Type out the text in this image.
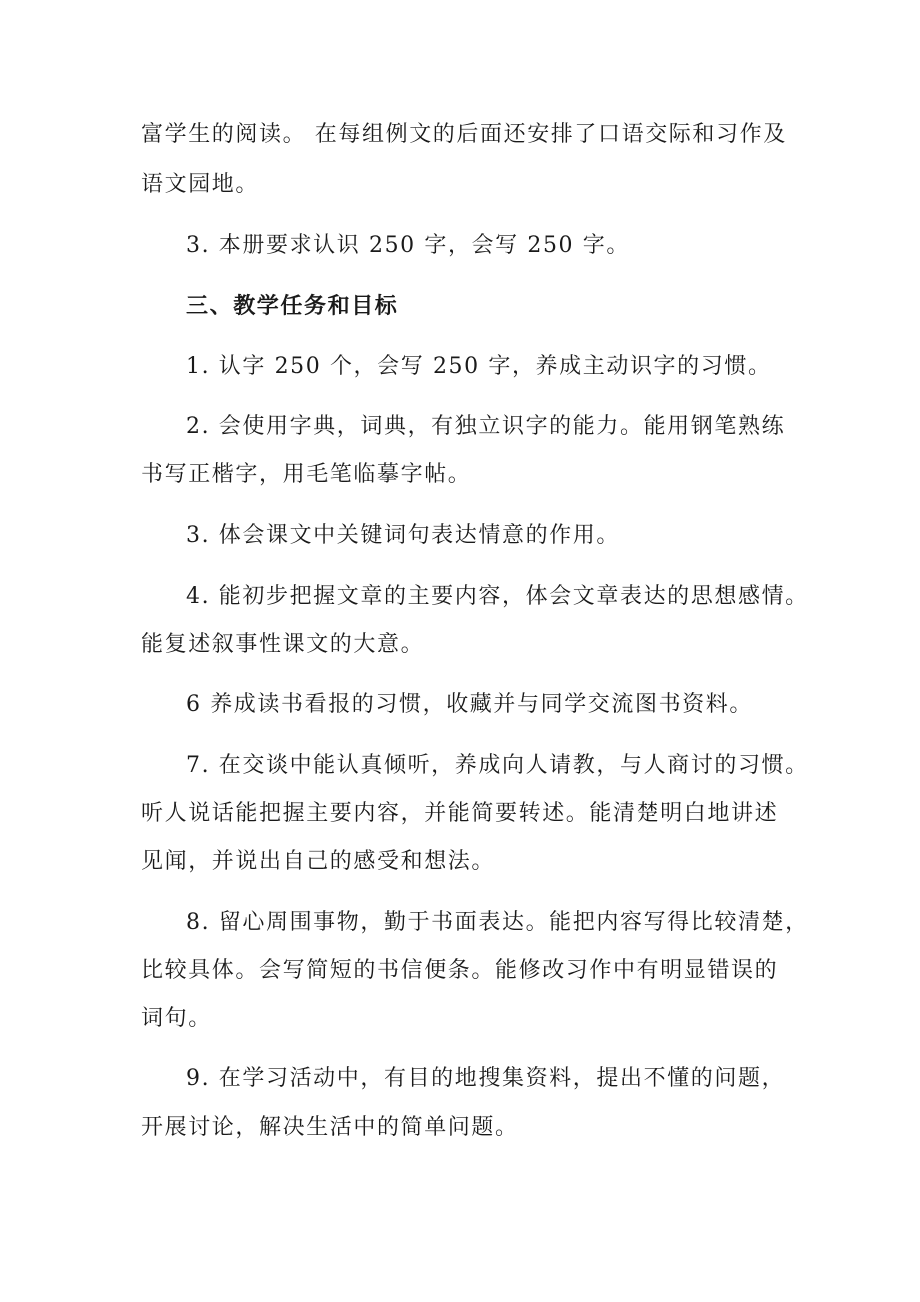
富学生的阅读。 在每组例文的后面还安排了口语交际和习作及
语文园地。
3. 本册要求认识 250 字，会写 250 字。
三、教学任务和目标
1. 认字 250 个，会写 250 字，养成主动识字的习惯。
2. 会使用字典，词典，有独立识字的能力。能用钢笔熟练
书写正楷字，用毛笔临摹字帖。
3. 体会课文中关键词句表达情意的作用。
4. 能初步把握文章的主要内容，体会文章表达的思想感情。
能复述叙事性课文的大意。
6 养成读书看报的习惯，收藏并与同学交流图书资料。
7. 在交谈中能认真倾听，养成向人请教，与人商讨的习惯。
听人说话能把握主要内容，并能简要转述。能清楚明白地讲述
见闻，并说出自己的感受和想法。
8. 留心周围事物，勤于书面表达。能把内容写得比较清楚，
比较具体。会写简短的书信便条。能修改习作中有明显错误的
词句。
9. 在学习活动中，有目的地搜集资料，提出不懂的问题，
开展讨论，解决生活中的简单问题。
